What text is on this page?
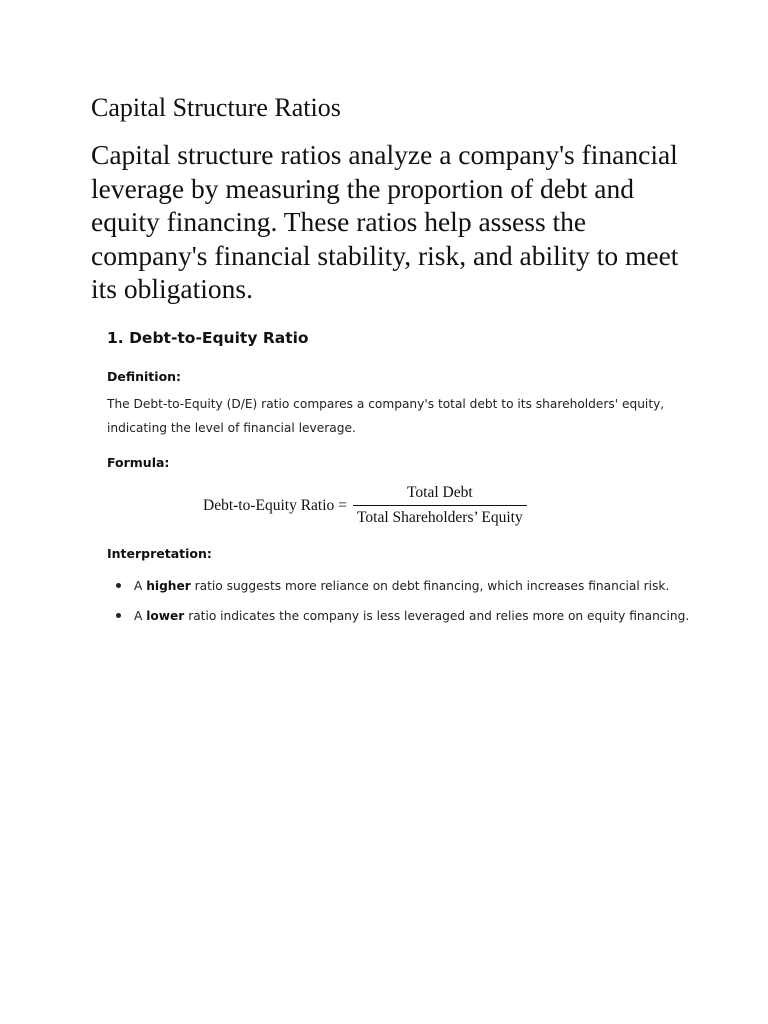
Capital Structure Ratios

Capital structure ratios analyze a company's financial leverage by measuring the proportion of debt and equity financing. These ratios help assess the company's financial stability, risk, and ability to meet its obligations.

1. Debt-to-Equity Ratio

Definition:

The Debt-to-Equity (D/E) ratio compares a company's total debt to its shareholders' equity, indicating the level of financial leverage.

Formula:

Debt-to-Equity Ratio = $\frac{\text{Total Debt}}{\text{Total Shareholders’ Equity}}$

Interpretation:

A higher ratio suggests more reliance on debt financing, which increases financial risk.
A lower ratio indicates the company is less leveraged and relies more on equity financing.
